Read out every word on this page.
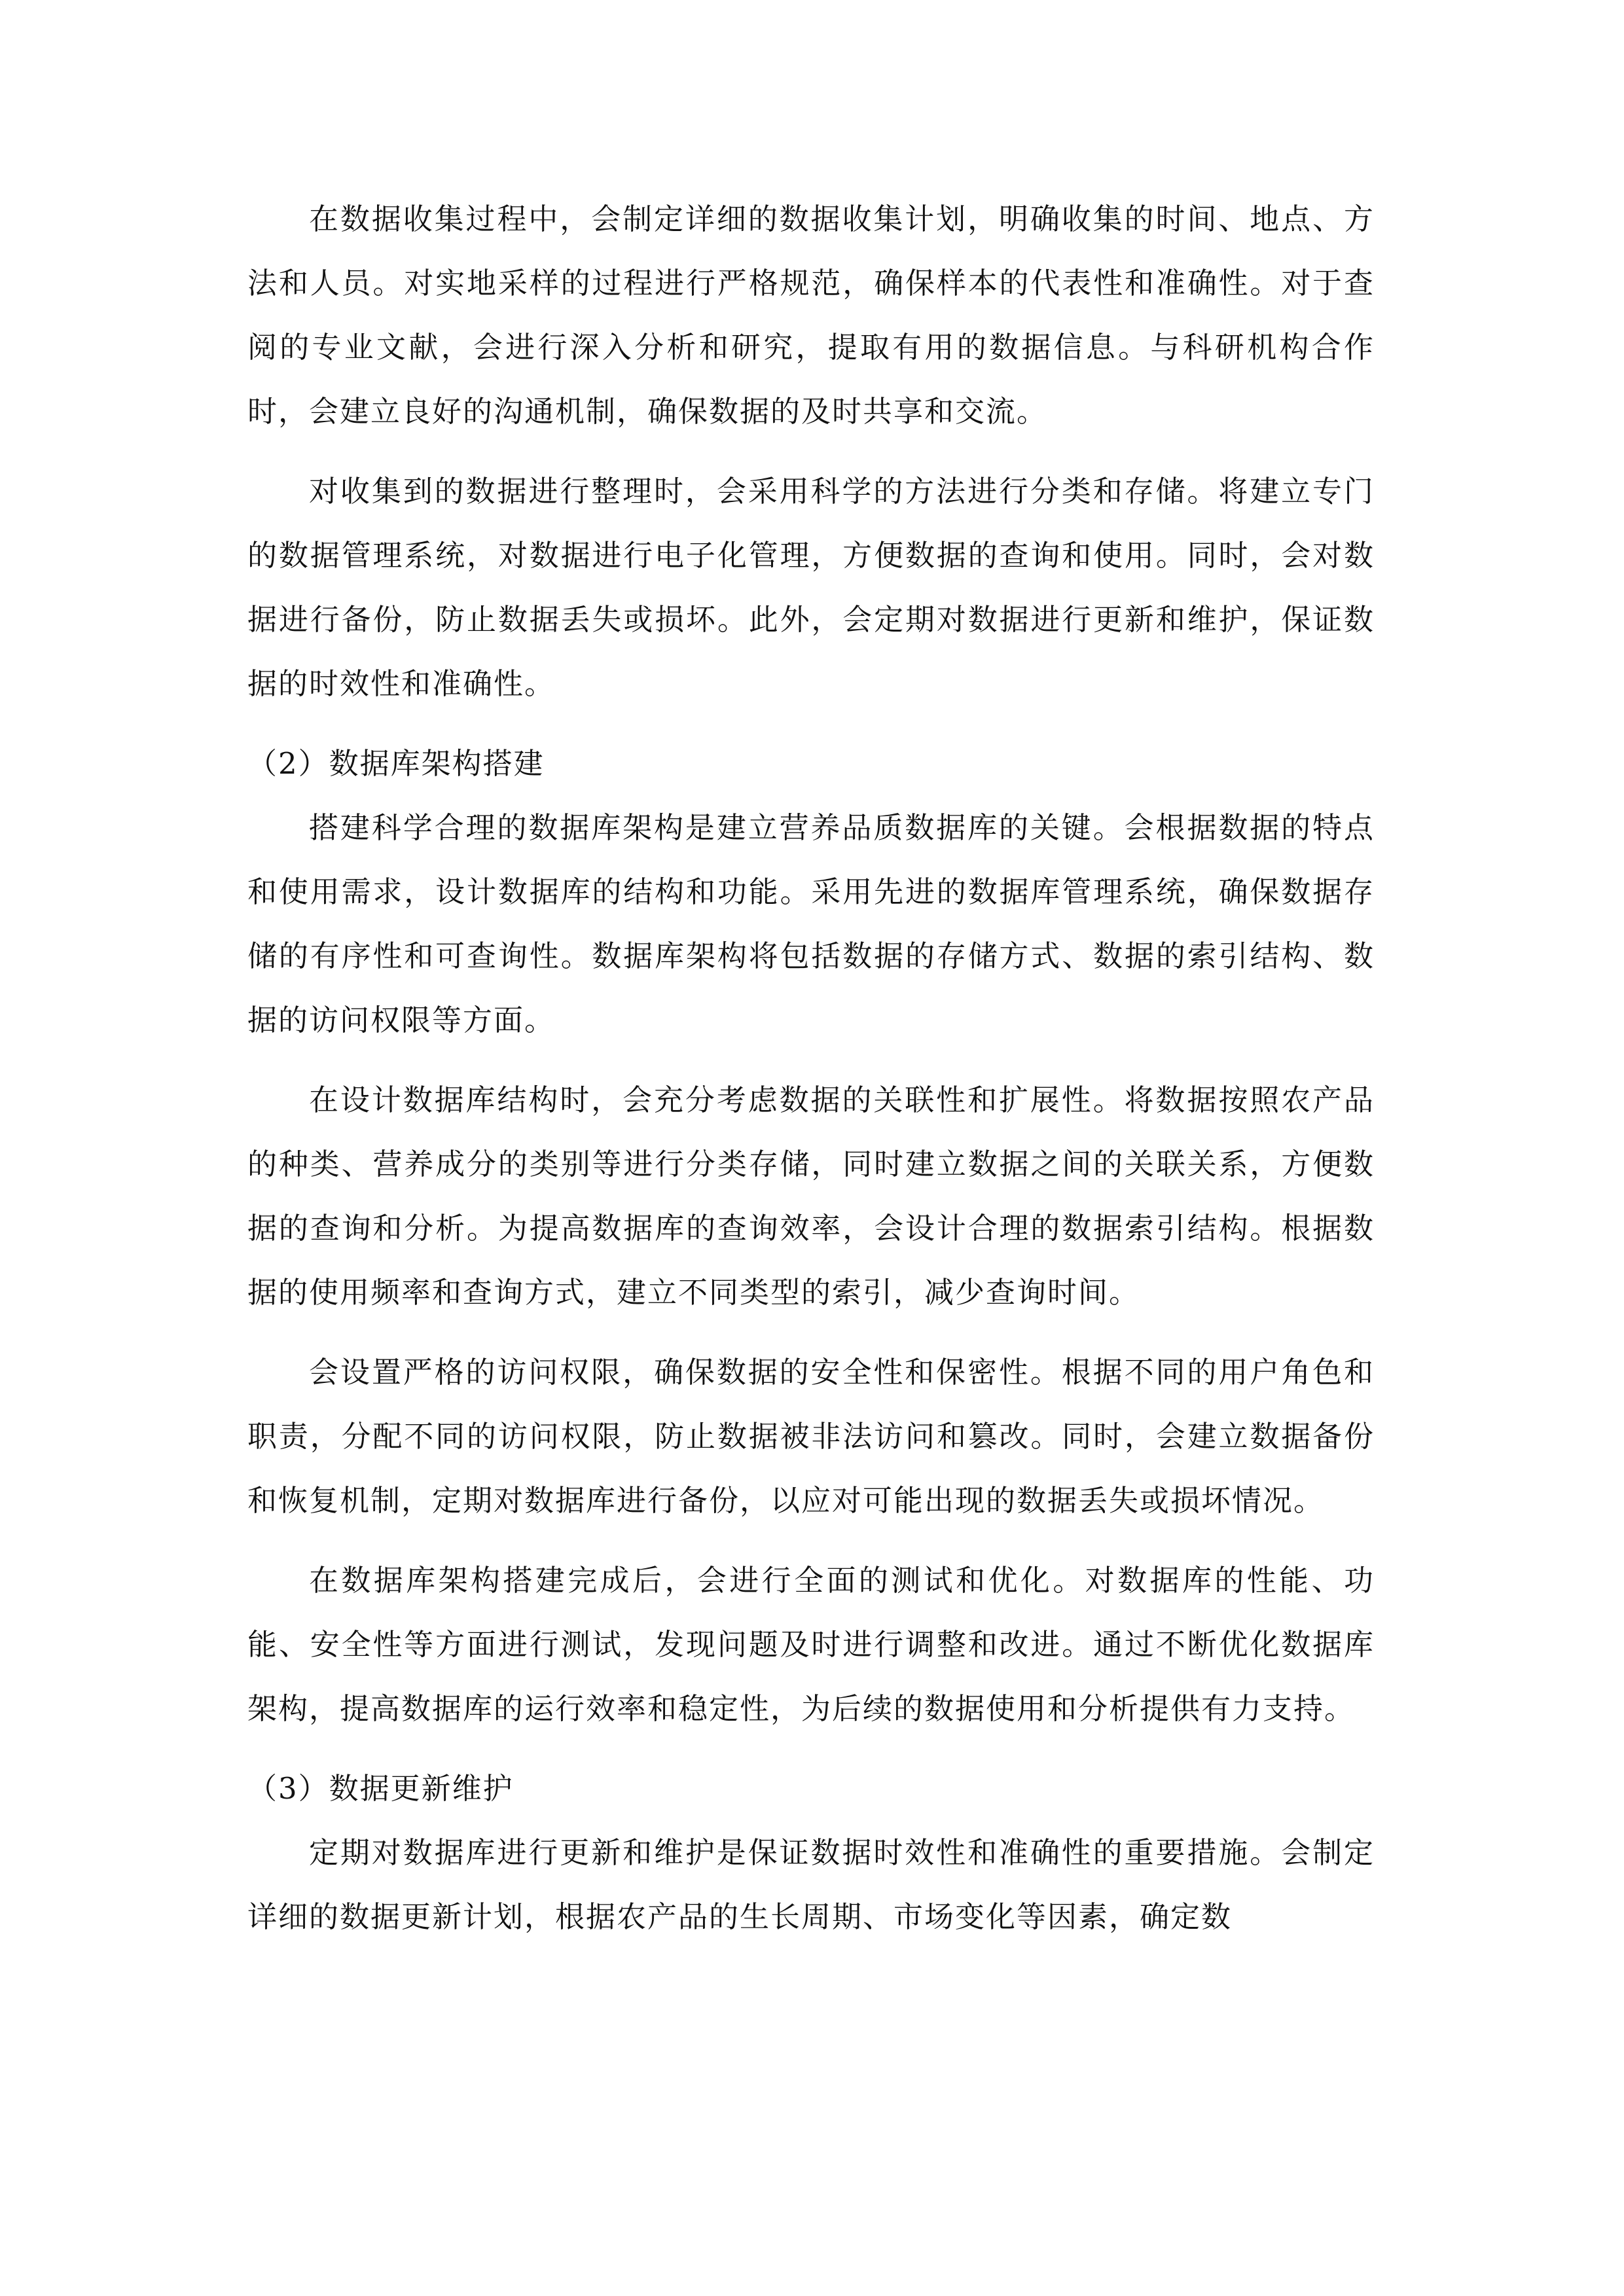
在数据收集过程中，会制定详细的数据收集计划，明确收集的时间、地点、方法和人员。对实地采样的过程进行严格规范，确保样本的代表性和准确性。对于查阅的专业文献，会进行深入分析和研究，提取有用的数据信息。与科研机构合作时，会建立良好的沟通机制，确保数据的及时共享和交流。

对收集到的数据进行整理时，会采用科学的方法进行分类和存储。将建立专门的数据管理系统，对数据进行电子化管理，方便数据的查询和使用。同时，会对数据进行备份，防止数据丢失或损坏。此外，会定期对数据进行更新和维护，保证数据的时效性和准确性。

（2）数据库架构搭建

搭建科学合理的数据库架构是建立营养品质数据库的关键。会根据数据的特点和使用需求，设计数据库的结构和功能。采用先进的数据库管理系统，确保数据存储的有序性和可查询性。数据库架构将包括数据的存储方式、数据的索引结构、数据的访问权限等方面。

在设计数据库结构时，会充分考虑数据的关联性和扩展性。将数据按照农产品的种类、营养成分的类别等进行分类存储，同时建立数据之间的关联关系，方便数据的查询和分析。为提高数据库的查询效率，会设计合理的数据索引结构。根据数据的使用频率和查询方式，建立不同类型的索引，减少查询时间。

会设置严格的访问权限，确保数据的安全性和保密性。根据不同的用户角色和职责，分配不同的访问权限，防止数据被非法访问和篡改。同时，会建立数据备份和恢复机制，定期对数据库进行备份，以应对可能出现的数据丢失或损坏情况。

在数据库架构搭建完成后，会进行全面的测试和优化。对数据库的性能、功能、安全性等方面进行测试，发现问题及时进行调整和改进。通过不断优化数据库架构，提高数据库的运行效率和稳定性，为后续的数据使用和分析提供有力支持。

（3）数据更新维护

定期对数据库进行更新和维护是保证数据时效性和准确性的重要措施。会制定详细的数据更新计划，根据农产品的生长周期、市场变化等因素，确定数
